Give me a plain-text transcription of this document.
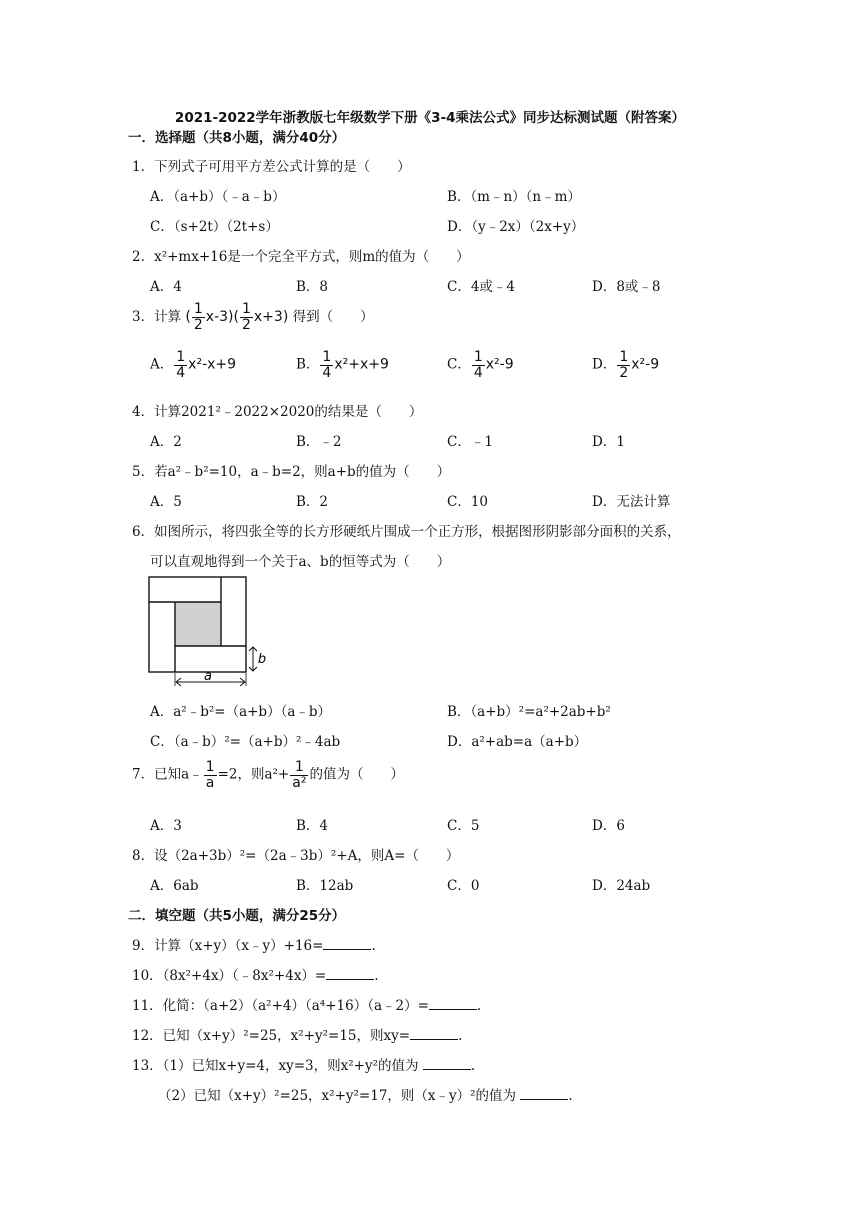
2021-2022学年浙教版七年级数学下册《3-4乘法公式》同步达标测试题（附答案）
一．选择题（共8小题，满分40分）
1．下列式子可用平方差公式计算的是（　　）
A．（a+b）（﹣a﹣b）	B．（m﹣n）（n﹣m）
C．（s+2t）（2t+s）	D．（y﹣2x）（2x+y）
2．x²+mx+16是一个完全平方式，则m的值为（　　）
A．4	B．8	C．4或﹣4	D．8或﹣8
3．计算 ( $\frac{1}{2} x-3)( \frac{1}{2} x+3)$ 得到（　　）
A． $\frac{1}{4} x^2-x+9$	B． $\frac{1}{4} x^2+x+9$	C． $\frac{1}{4} x^2-9$	D． $\frac{1}{2} x^2-9$
4．计算2021²﹣2022×2020的结果是（　　）
A．2	B．﹣2	C．﹣1	D．1
5．若a²﹣b²=10，a﹣b=2，则a+b的值为（　　）
A．5	B．2	C．10	D．无法计算
6．如图所示，将四张全等的长方形硬纸片围成一个正方形，根据图形阴影部分面积的关系，
可以直观地得到一个关于a、b的恒等式为（　　）
a
b
A．a²﹣b²=（a+b）（a﹣b）	B．（a+b）²=a²+2ab+b²
C．（a﹣b）²=（a+b）²﹣4ab	D．a²+ab=a（a+b）
7．已知a﹣ $\frac{1}{a} =2$，则$a^2+ \frac{1}{\text{a²}}$ 的值为（　　）
A．3	B．4	C．5	D．6
8．设（2a+3b）²=（2a﹣3b）²+A，则A=（　　）
A．6ab	B．12ab	C．0	D．24ab
二．填空题（共5小题，满分25分）
9．计算（x+y）（x﹣y）+16=	.
10．（8x²+4x）（﹣8x²+4x）=	.
11．化简：（a+2）（a²+4）（a⁴+16）（a﹣2）=	.
12．已知（x+y）²=25，x²+y²=15，则xy=	.
13．（1）已知x+y=4，xy=3，则x²+y²的值为	.
（2）已知（x+y）²=25，x²+y²=17，则（x﹣y）²的值为	.
